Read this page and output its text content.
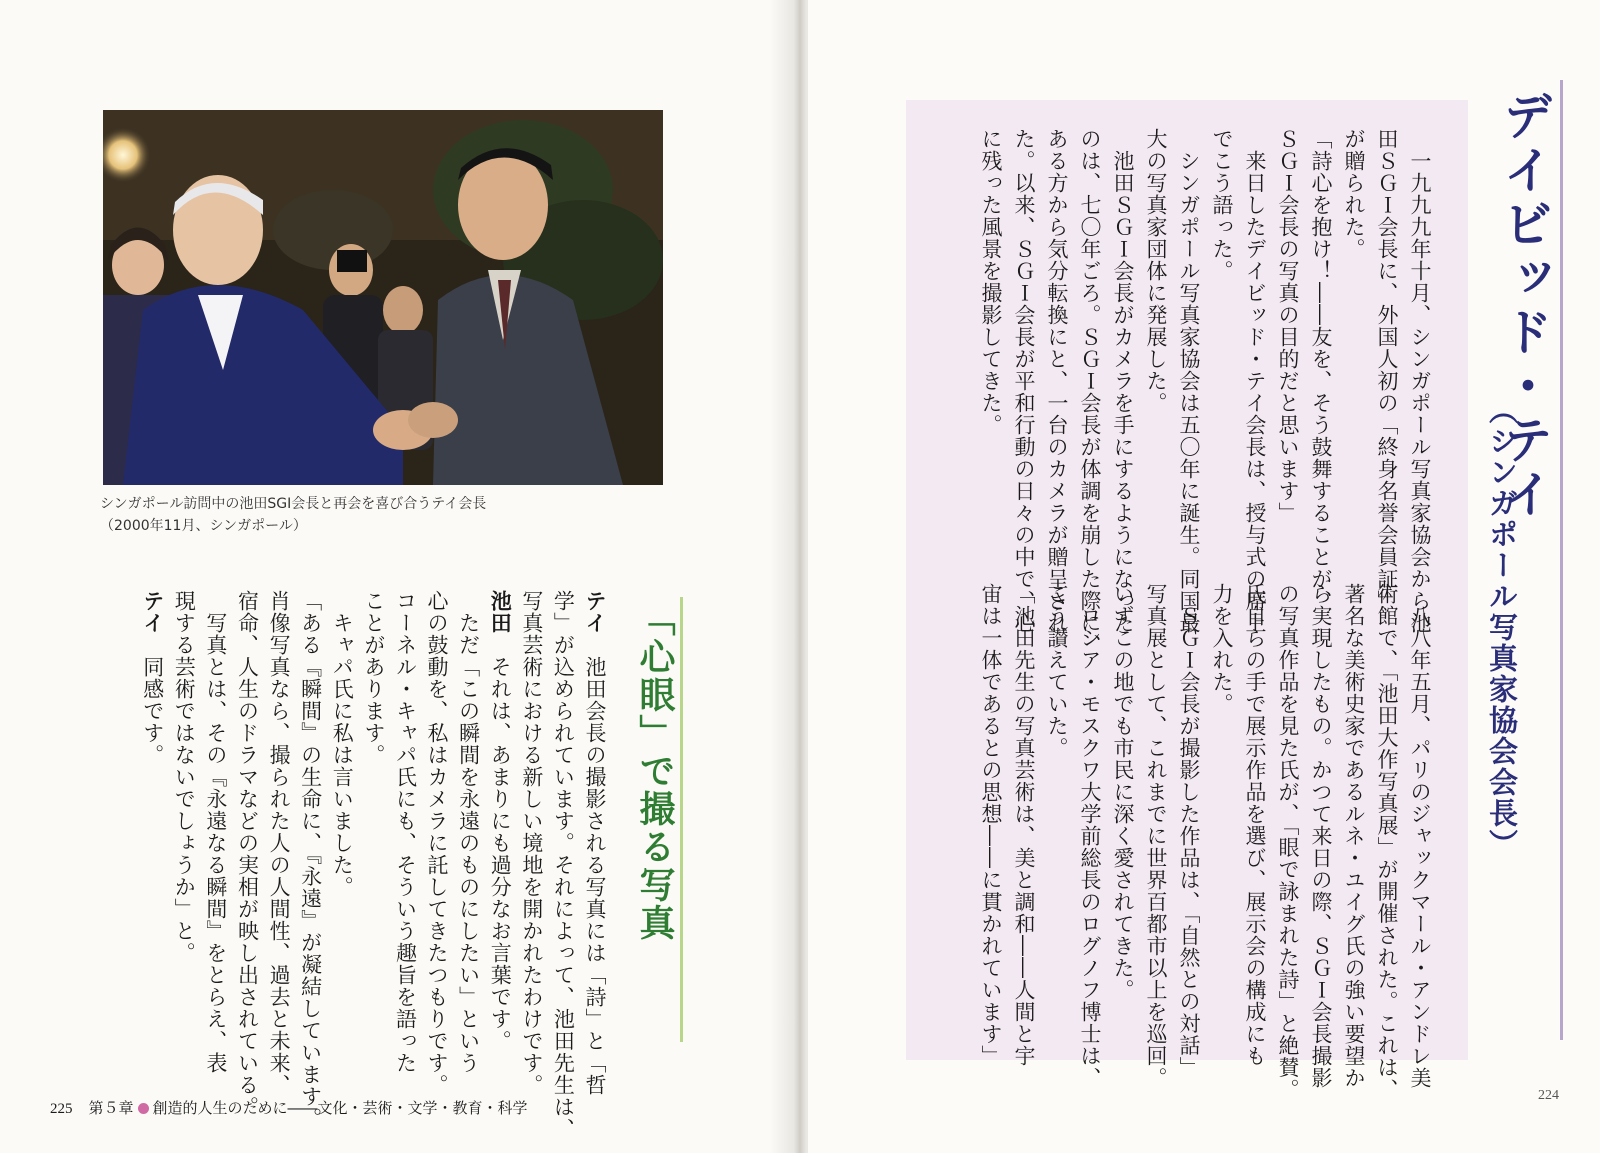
シンガポール訪問中の池田SGI会長と再会を喜び合うテイ会長
（2000年11月、シンガポール）
「心眼」で撮る写真

テイ　池田会長の撮影される写真には「詩」と「哲

学」が込められています。それによって、池田先生は、

写真芸術における新しい境地を開かれたわけです。

池田　それは、あまりにも過分なお言葉です。

　ただ「この瞬間を永遠のものにしたい」という

心の鼓動を、私はカメラに託してきたつもりです。

コーネル・キャパ氏にも、そういう趣旨を語った

ことがあります。

　キャパ氏に私は言いました。

「ある『瞬間』の生命に、『永遠』が凝結しています。

肖像写真なら、撮られた人の人間性、過去と未来、

宿命、人生のドラマなどの実相が映し出されている。

　写真とは、その『永遠なる瞬間』をとらえ、表

現する芸術ではないでしょうか」と。

テイ　同感です。

225 第５章 創造的人生のために――文化・芸術・文学・教育・科学
デイビッド・テイ
（シンガポール写真家協会会長）

　一九九九年十月、シンガポール写真家協会から池

田ＳＧＩ会長に、外国人初の「終身名誉会員証」

が贈られた。

「詩心を抱け！――友を、そう鼓舞することが、

ＳＧＩ会長の写真の目的だと思います」

　来日したデイビッド・テイ会長は、授与式の席上

でこう語った。

　シンガポール写真家協会は五〇年に誕生。同国最

大の写真家団体に発展した。

　池田ＳＧＩ会長がカメラを手にするようになった

のは、七〇年ごろ。ＳＧＩ会長が体調を崩した際に、

ある方から気分転換にと、一台のカメラが贈呈され

た。以来、ＳＧＩ会長が平和行動の日々の中で、心

に残った風景を撮影してきた。

　八八年五月、パリのジャックマール・アンドレ美

術館で、「池田大作写真展」が開催された。これは、

著名な美術史家であるルネ・ユイグ氏の強い要望か

ら実現したもの。かつて来日の際、ＳＧＩ会長撮影

の写真作品を見た氏が、「眼で詠まれた詩」と絶賛。

氏自らの手で展示作品を選び、展示会の構成にも

力を入れた。

　ＳＧＩ会長が撮影した作品は、「自然との対話」

写真展として、これまでに世界百都市以上を巡回。

いずこの地でも市民に深く愛されてきた。

　ロシア・モスクワ大学前総長のログノフ博士は、

こう讃えていた。

「池田先生の写真芸術は、美と調和――人間と宇

宙は一体であるとの思想――に貫かれています」

224
